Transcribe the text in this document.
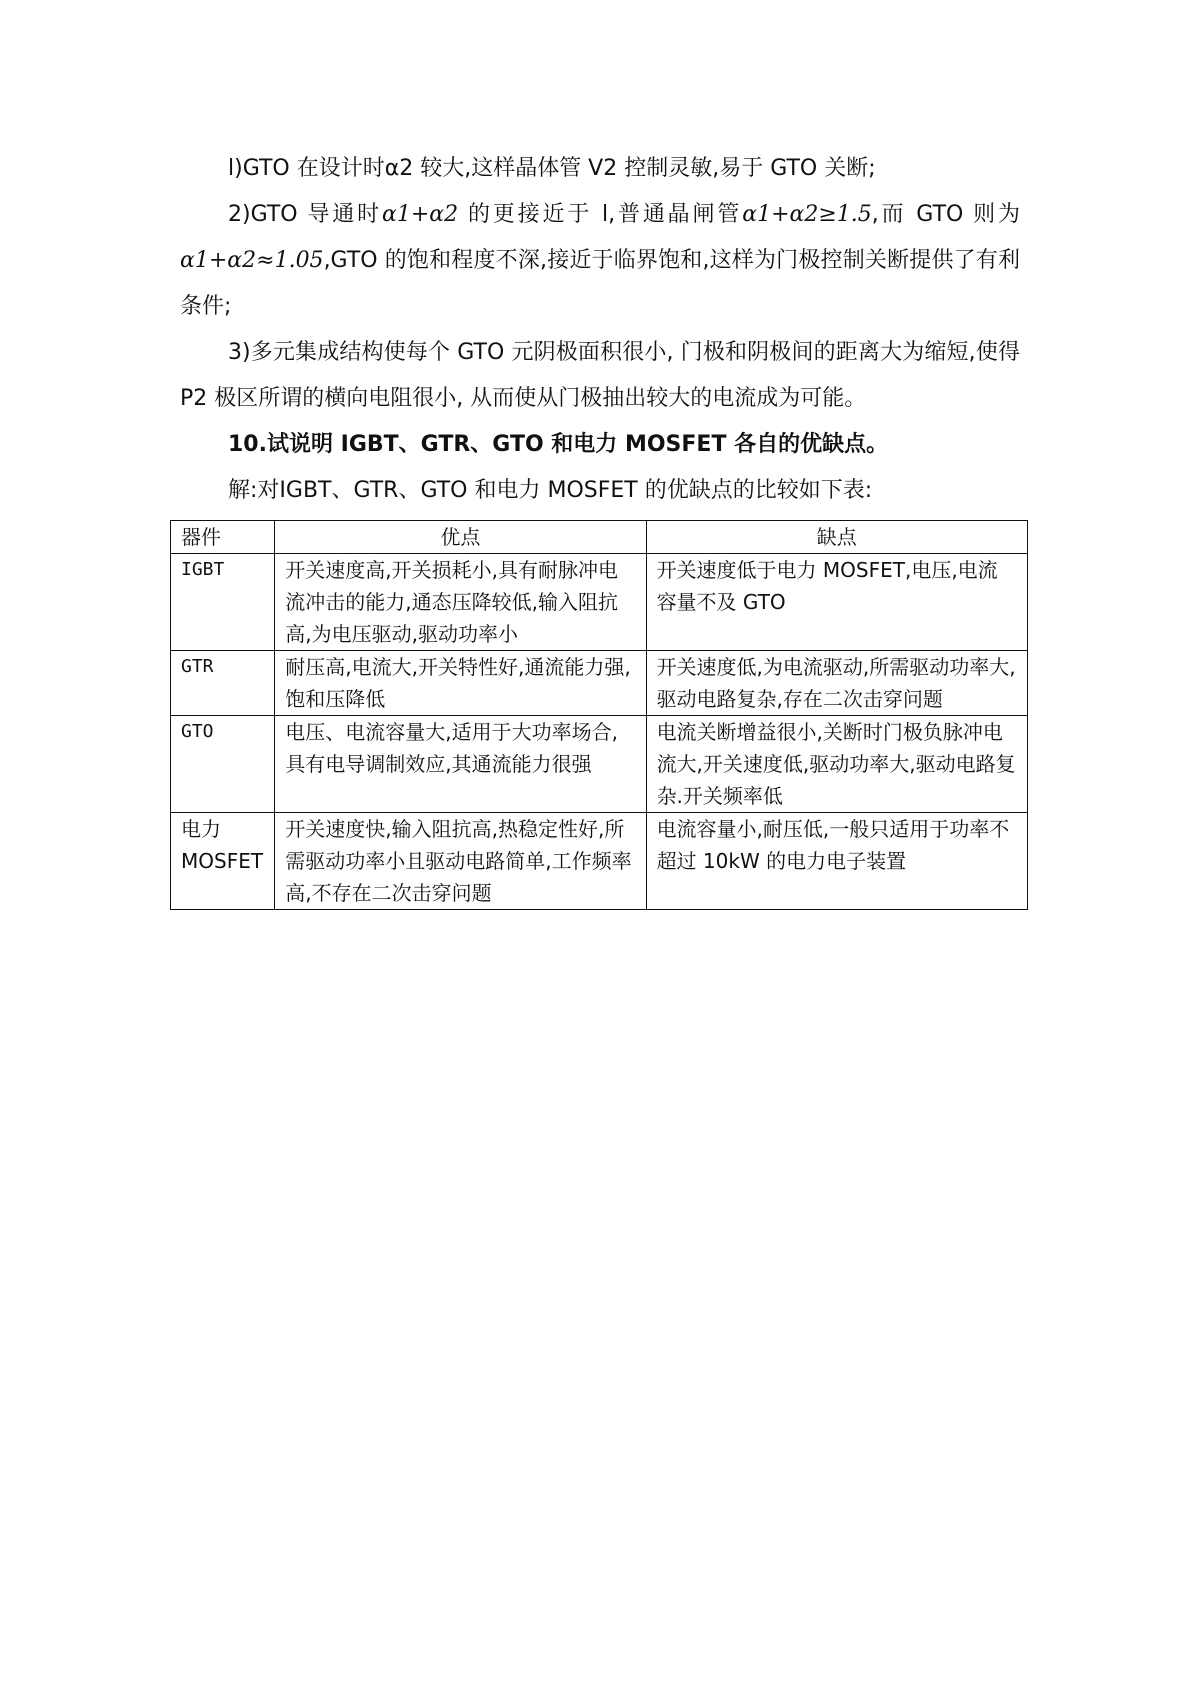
l)GTO 在设计时α2 较大,这样晶体管 V2 控制灵敏,易于 GTO 关断;

2)GTO 导通时α1+α2 的更接近于 l,普通晶闸管α1+α2≥1.5,而 GTO 则为α1+α2≈1.05,GTO 的饱和程度不深,接近于临界饱和,这样为门极控制关断提供了有利条件;

3)多元集成结构使每个 GTO 元阴极面积很小, 门极和阴极间的距离大为缩短,使得 P2 极区所谓的横向电阻很小, 从而使从门极抽出较大的电流成为可能。

10.试说明 IGBT、GTR、GTO 和电力 MOSFET 各自的优缺点。

解:对ⅠGBT、GTR、GTO 和电力 MOSFET 的优缺点的比较如下表:

器件	优点	缺点
IGBT	开关速度高,开关损耗小,具有耐脉冲电流冲击的能力,通态压降较低,输入阻抗高,为电压驱动,驱动功率小	开关速度低于电力 MOSFET,电压,电流容量不及 GTO
GTR	耐压高,电流大,开关特性好,通流能力强,饱和压降低	开关速度低,为电流驱动,所需驱动功率大,驱动电路复杂,存在二次击穿问题
GTO	电压、电流容量大,适用于大功率场合,具有电导调制效应,其通流能力很强	电流关断增益很小,关断时门极负脉冲电流大,开关速度低,驱动功率大,驱动电路复杂.开关频率低
电力 MOSFET	开关速度快,输入阻抗高,热稳定性好,所需驱动功率小且驱动电路简单,工作频率高,不存在二次击穿问题	电流容量小,耐压低,一般只适用于功率不超过 10kW 的电力电子装置
